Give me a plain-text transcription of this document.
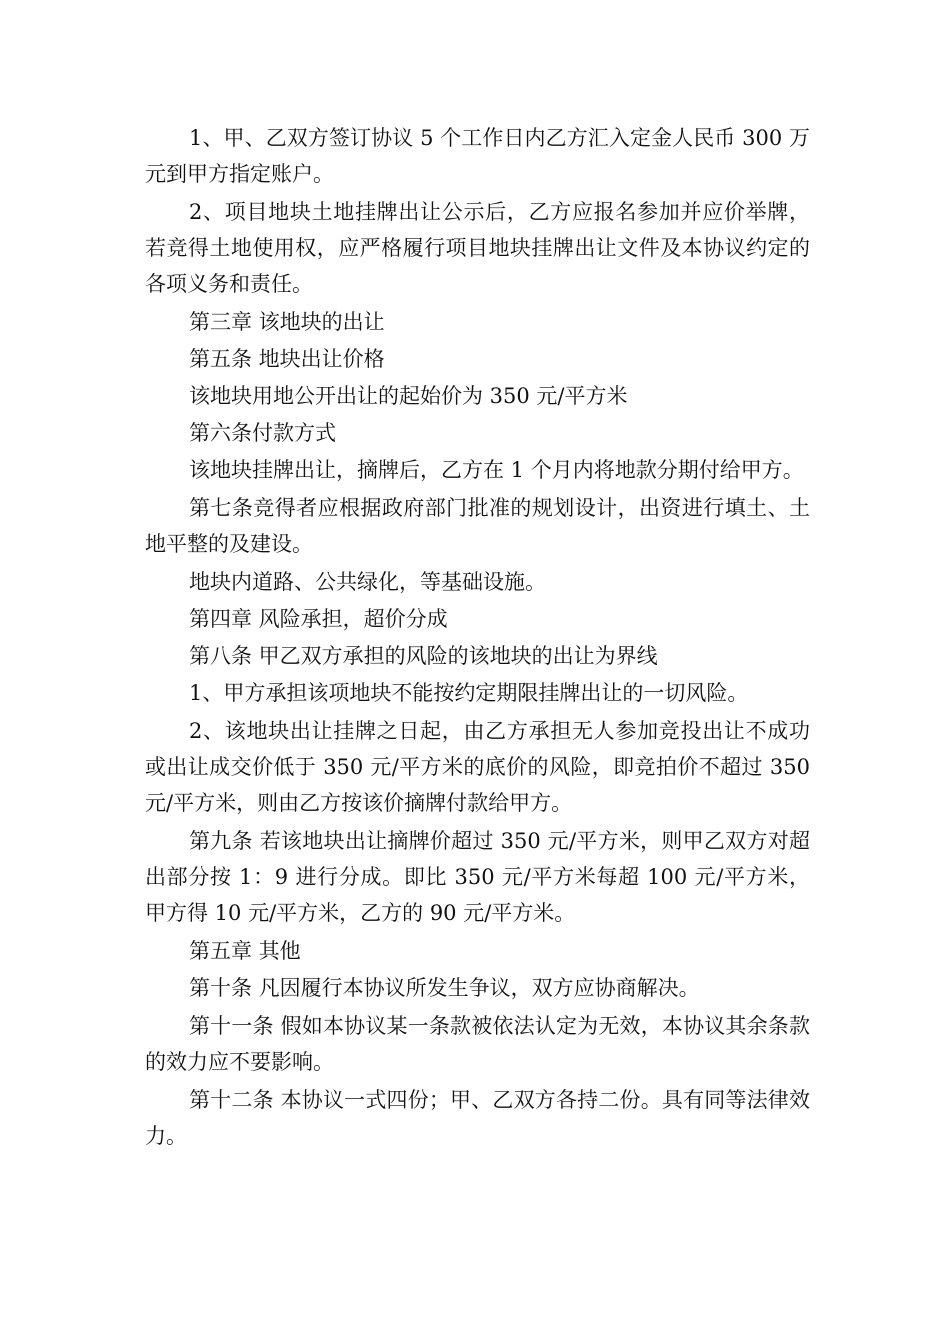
1、甲、乙双方签订协议 5 个工作日内乙方汇入定金人民币 300 万元到甲方指定账户。

2、项目地块土地挂牌出让公示后，乙方应报名参加并应价举牌，若竞得土地使用权，应严格履行项目地块挂牌出让文件及本协议约定的各项义务和责任。

第三章 该地块的出让

第五条 地块出让价格

该地块用地公开出让的起始价为 350 元/平方米

第六条付款方式

该地块挂牌出让，摘牌后，乙方在 1 个月内将地款分期付给甲方。

第七条竞得者应根据政府部门批准的规划设计，出资进行填土、土地平整的及建设。

地块内道路、公共绿化，等基础设施。

第四章 风险承担，超价分成

第八条 甲乙双方承担的风险的该地块的出让为界线

1、甲方承担该项地块不能按约定期限挂牌出让的一切风险。

2、该地块出让挂牌之日起，由乙方承担无人参加竞投出让不成功或出让成交价低于 350 元/平方米的底价的风险，即竞拍价不超过 350 元/平方米，则由乙方按该价摘牌付款给甲方。

第九条 若该地块出让摘牌价超过 350 元/平方米，则甲乙双方对超出部分按 1：9 进行分成。即比 350 元/平方米每超 100 元/平方米，甲方得 10 元/平方米，乙方的 90 元/平方米。

第五章 其他

第十条 凡因履行本协议所发生争议，双方应协商解决。

第十一条 假如本协议某一条款被依法认定为无效，本协议其余条款的效力应不要影响。

第十二条 本协议一式四份；甲、乙双方各持二份。具有同等法律效力。
